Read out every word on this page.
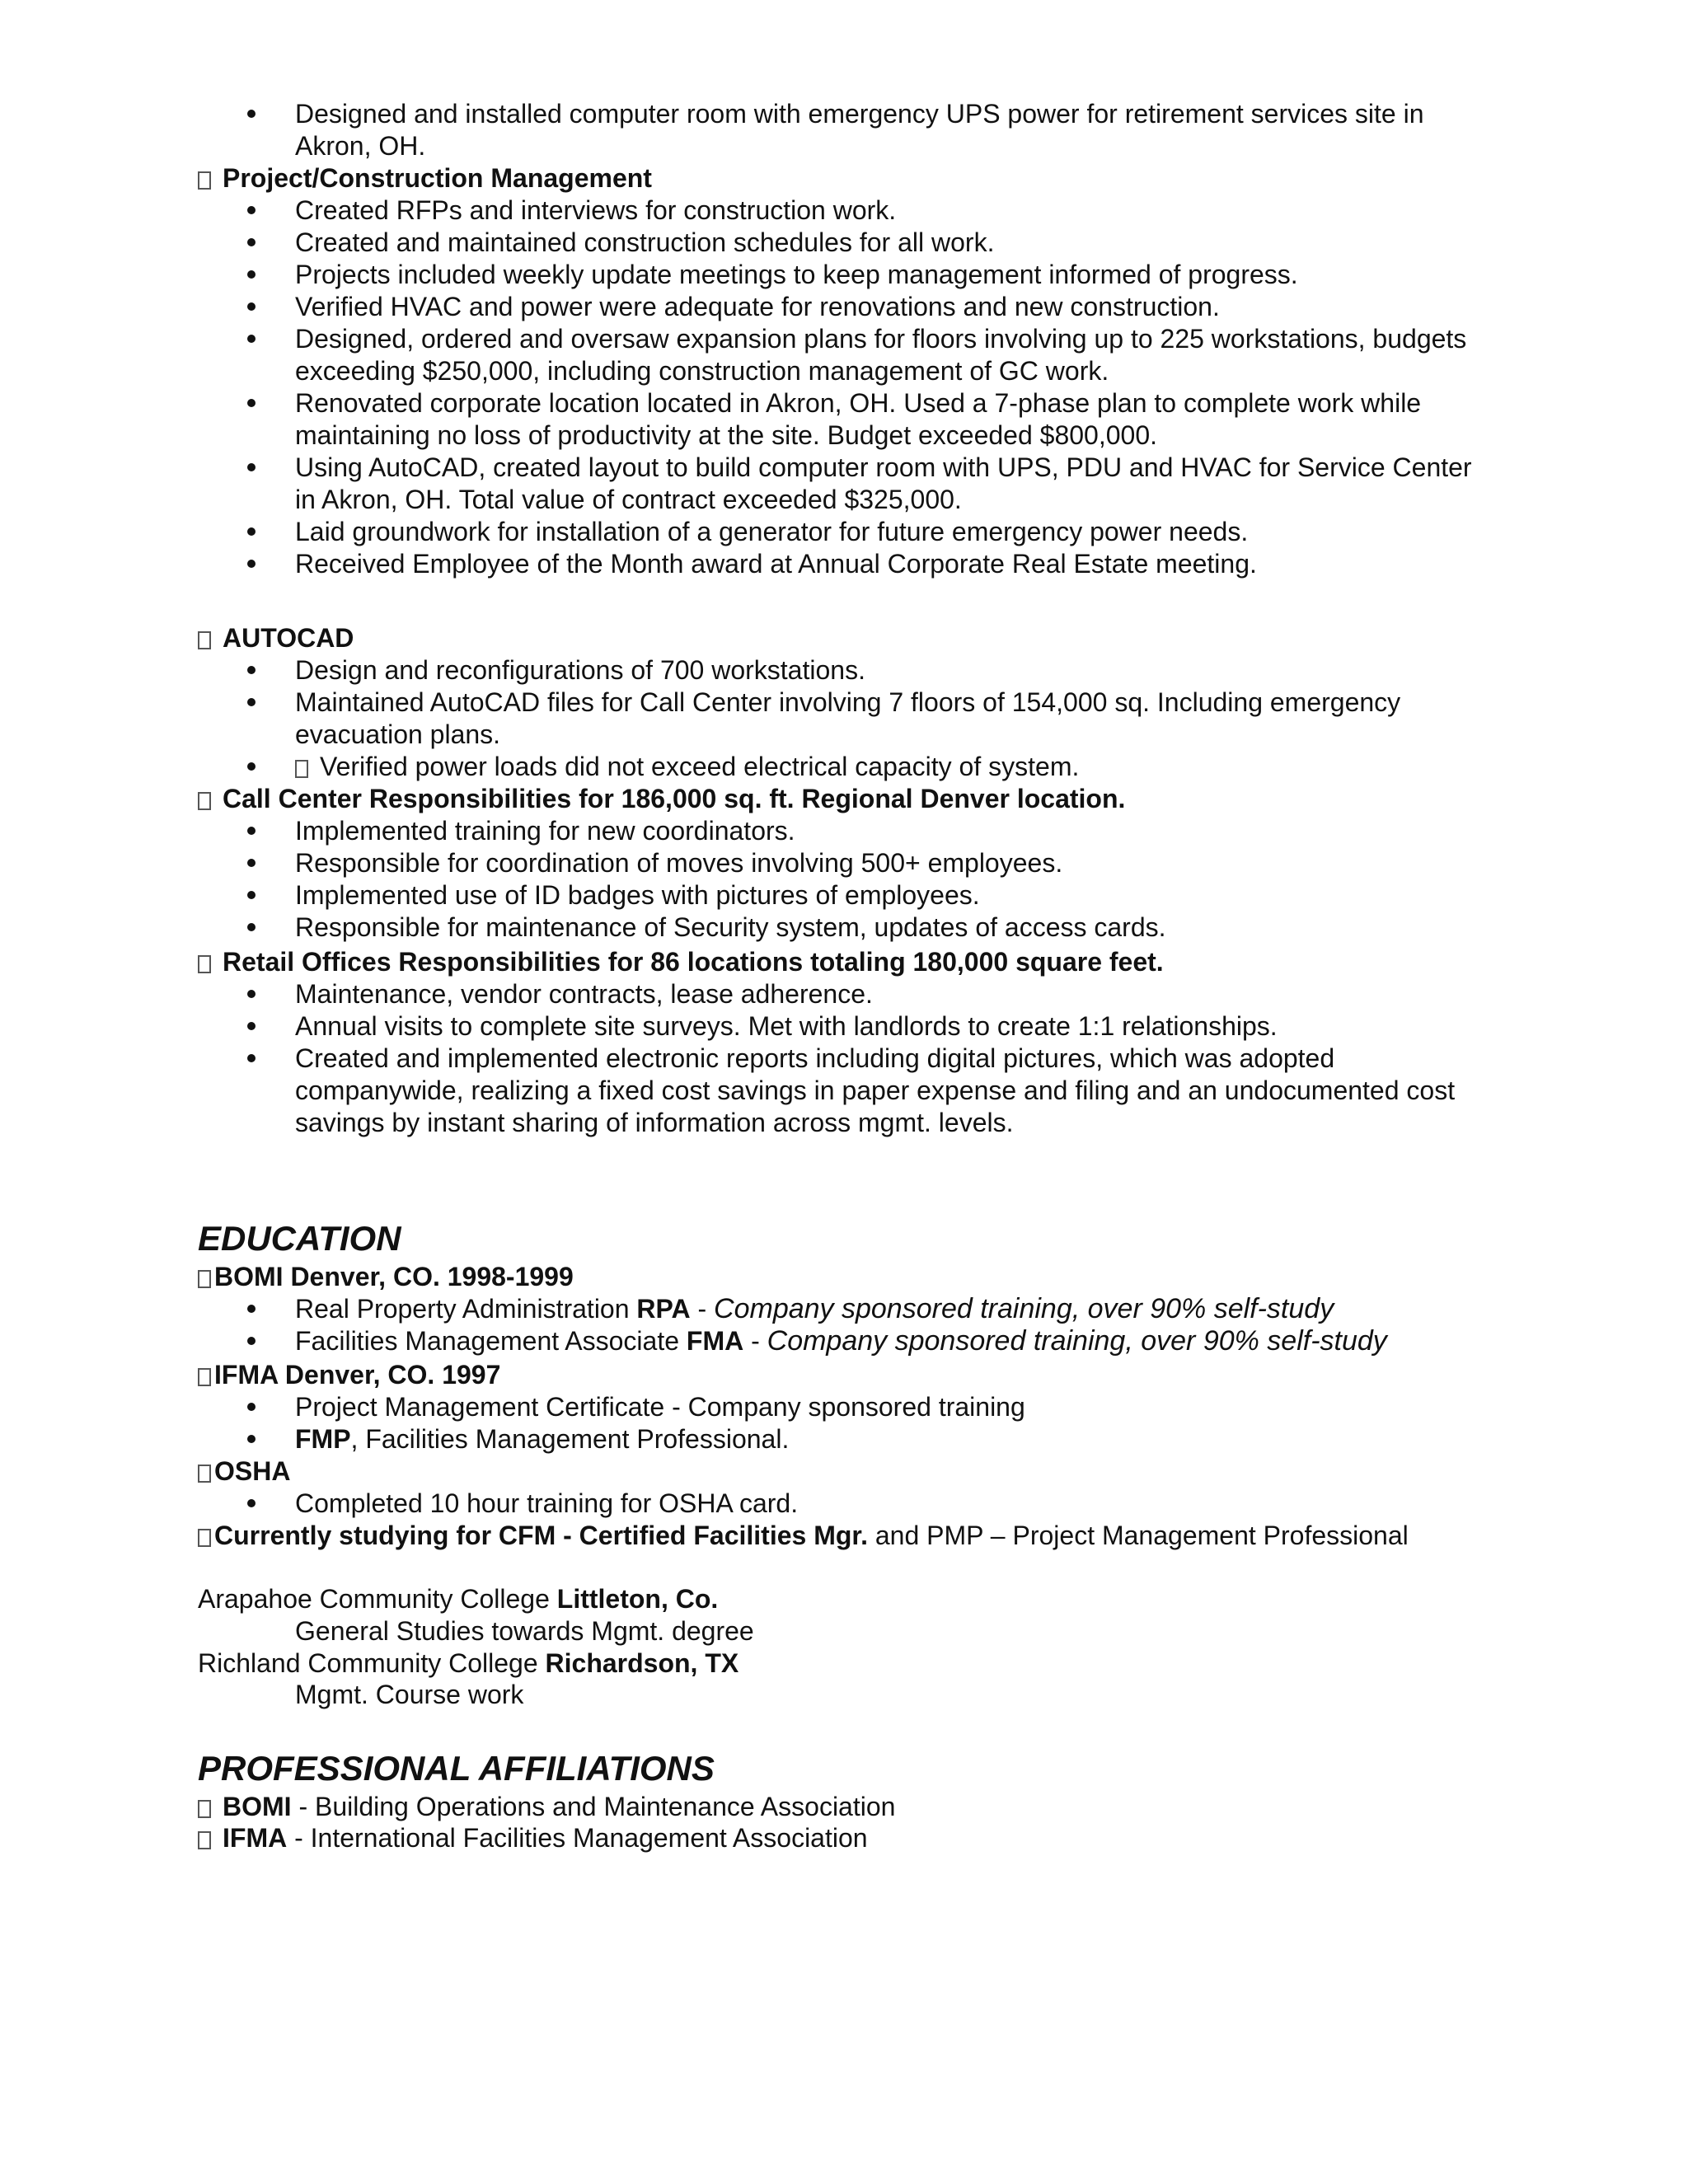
Designed and installed computer room with emergency UPS power for retirement services site in Akron, OH.
Project/Construction Management
Created RFPs and interviews for construction work.
Created and maintained construction schedules for all work.
Projects included weekly update meetings to keep management informed of progress.
Verified HVAC and power were adequate for renovations and new construction.
Designed, ordered and oversaw expansion plans for floors involving up to 225 workstations, budgets exceeding $250,000, including construction management of GC work.
Renovated corporate location located in Akron, OH. Used a 7-phase plan to complete work while maintaining no loss of productivity at the site. Budget exceeded $800,000.
Using AutoCAD, created layout to build computer room with UPS, PDU and HVAC for Service Center in Akron, OH. Total value of contract exceeded $325,000.
Laid groundwork for installation of a generator for future emergency power needs.
Received Employee of the Month award at Annual Corporate Real Estate meeting.
AUTOCAD
Design and reconfigurations of 700 workstations.
Maintained AutoCAD files for Call Center involving 7 floors of 154,000 sq. Including emergency evacuation plans.
Verified power loads did not exceed electrical capacity of system.
Call Center Responsibilities for 186,000 sq. ft. Regional Denver location.
Implemented training for new coordinators.
Responsible for coordination of moves involving 500+ employees.
Implemented use of ID badges with pictures of employees.
Responsible for maintenance of Security system, updates of access cards.
Retail Offices Responsibilities for 86 locations totaling 180,000 square feet.
Maintenance, vendor contracts, lease adherence.
Annual visits to complete site surveys. Met with landlords to create 1:1 relationships.
Created and implemented electronic reports including digital pictures, which was adopted companywide, realizing a fixed cost savings in paper expense and filing and an undocumented cost savings by instant sharing of information across mgmt. levels.
EDUCATION
BOMI Denver, CO. 1998-1999
Real Property Administration RPA - Company sponsored training, over 90% self-study
Facilities Management Associate FMA - Company sponsored training, over 90% self-study
IFMA Denver, CO. 1997
Project Management Certificate - Company sponsored training
FMP, Facilities Management Professional.
OSHA
Completed 10 hour training for OSHA card.
Currently studying for CFM - Certified Facilities Mgr. and PMP – Project Management Professional
Arapahoe Community College Littleton, Co.
General Studies towards Mgmt. degree
Richland Community College Richardson, TX
Mgmt. Course work
PROFESSIONAL AFFILIATIONS
BOMI - Building Operations and Maintenance Association
IFMA - International Facilities Management Association
